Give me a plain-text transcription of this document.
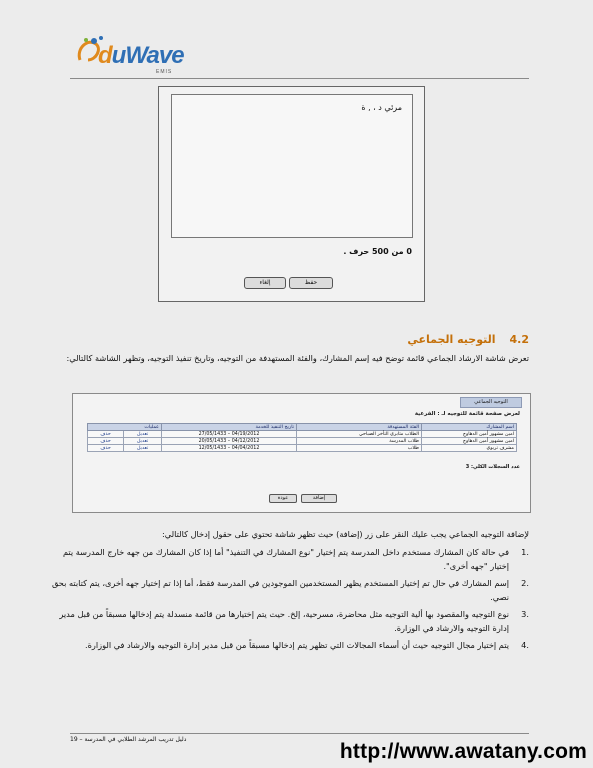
duWave
EMIS
مرئي د ، , ة
0 من 500 حرف .
حفظ
إلغاء
4.2التوجيه الجماعي
تعرض شاشة الارشاد الجماعي قائمة توضح فيه إسم المشارك، والفئة المستهدفة من التوجيه، وتاريخ تنفيذ التوجيه، وتظهر الشاشة كالتالي:
التوجيه الجماعي
لعرض صفحة قائمة للتوجيه لـ : الفرعية
اسم المشارك	الفئة المستهدفة	تاريخ التنفيذ للخدمة	عمليات	
امين مشهور أمين الدهاوج	الطلاب مثابري التأخر الصباحي	04/19/2012 – 27/05/1433	تعديل	حذف
امين مشهور أمين الدهاوج	طلاب المدرسة	04/12/2012 – 20/05/1433	تعديل	حذف
مشرف تربوي	طلاب	04/04/2012 – 12/05/1433	تعديل	حذف
عدد السجلات الكلي: 3
إضافة
عودة
لإضافة التوجيه الجماعي يجب عليك النقر على زر (إضافة) حيث تظهر شاشة تحتوي على حقول إدخال كالتالي:
.1
في حالة كان المشارك مستخدم داخل المدرسة يتم إختيار "نوع المشارك في التنفيذ" أما إذا كان المشارك من جهه خارج المدرسة يتم إختيار "جهه أخرى".
.2
إسم المشارك في حال تم إختيار المستخدم يظهر المستخدمين الموجودين في المدرسة فقط، أما إذا تم إختيار جهه أخرى، يتم كتابته بحق نصي.
.3
نوع التوجيه والمقصود بها ألية التوجيه مثل محاضرة، مسرحية، إلخ. حيث يتم إختيارها من قائمة منسدلة يتم إدخالها مسبقاً من قبل مدير إدارة التوجيه والارشاد في الوزارة.
.4
يتم إختيار مجال التوجيه حيث أن أسماء المجالات التي تظهر يتم إدخالها مسبقاً من قبل مدير إدارة التوجيه والارشاد في الوزارة.
دليل تدريب المرشد الطلابي في المدرسة – 19
http://www.awatany.com
